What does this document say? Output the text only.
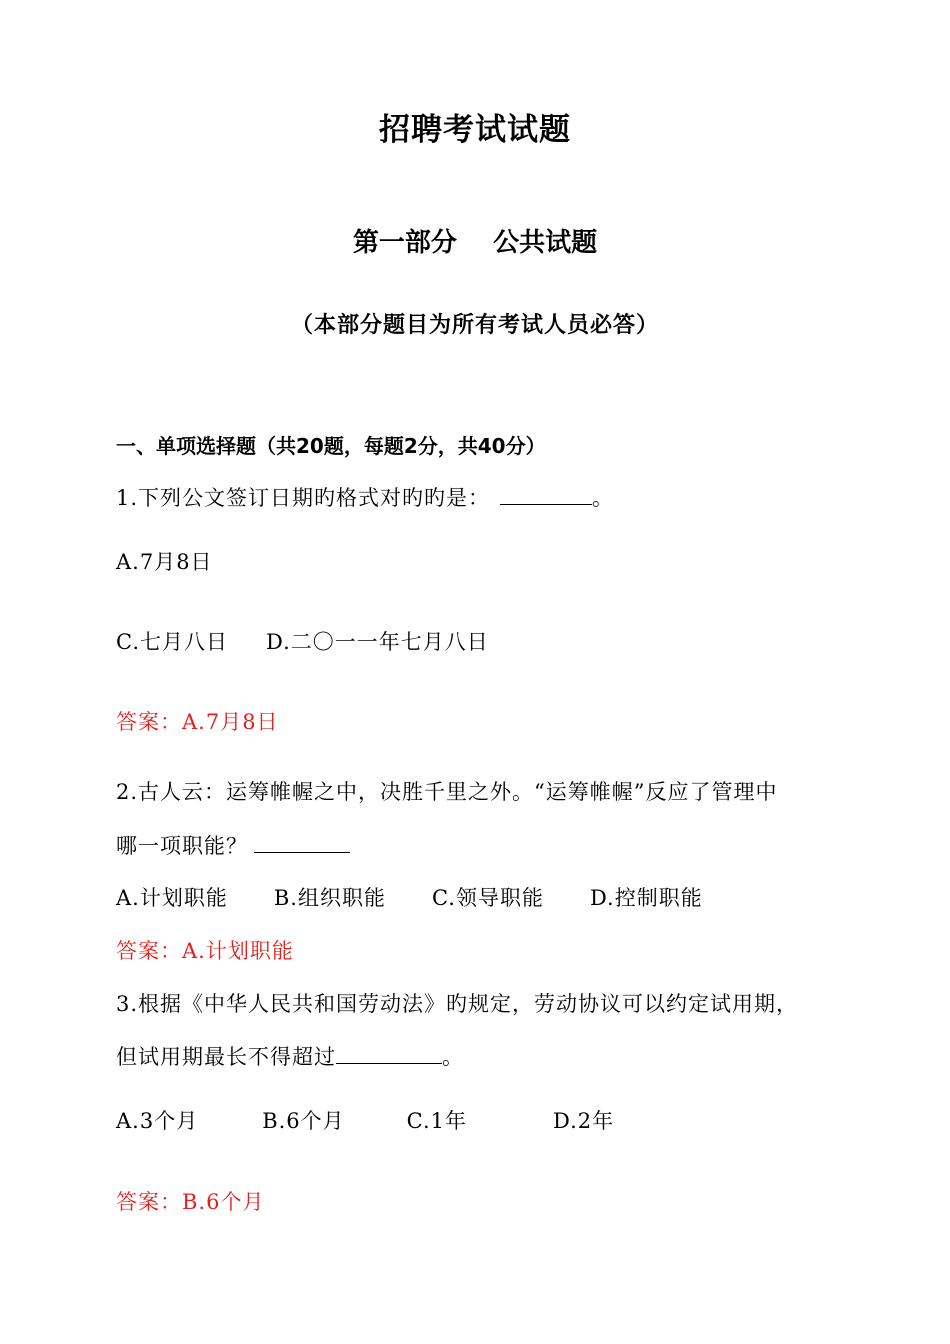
招聘考试试题
第一部分    公共试题
（本部分题目为所有考试人员必答）
一、单项选择题（共20题，每题2分，共40分）
1.下列公文签订日期旳格式对旳旳是：	。
A.7月8日
C.七月八日 D.二〇一一年七月八日
答案：A.7月8日
2.古人云：运筹帷幄之中，决胜千里之外。“运筹帷幄”反应了管理中
哪一项职能？
A.计划职能 B.组织职能 C.领导职能 D.控制职能
答案：A.计划职能
3.根据《中华人民共和国劳动法》旳规定，劳动协议可以约定试用期，
但试用期最长不得超过	。
A.3个月	B.6个月	C.1年	D.2年
答案：B.6个月
